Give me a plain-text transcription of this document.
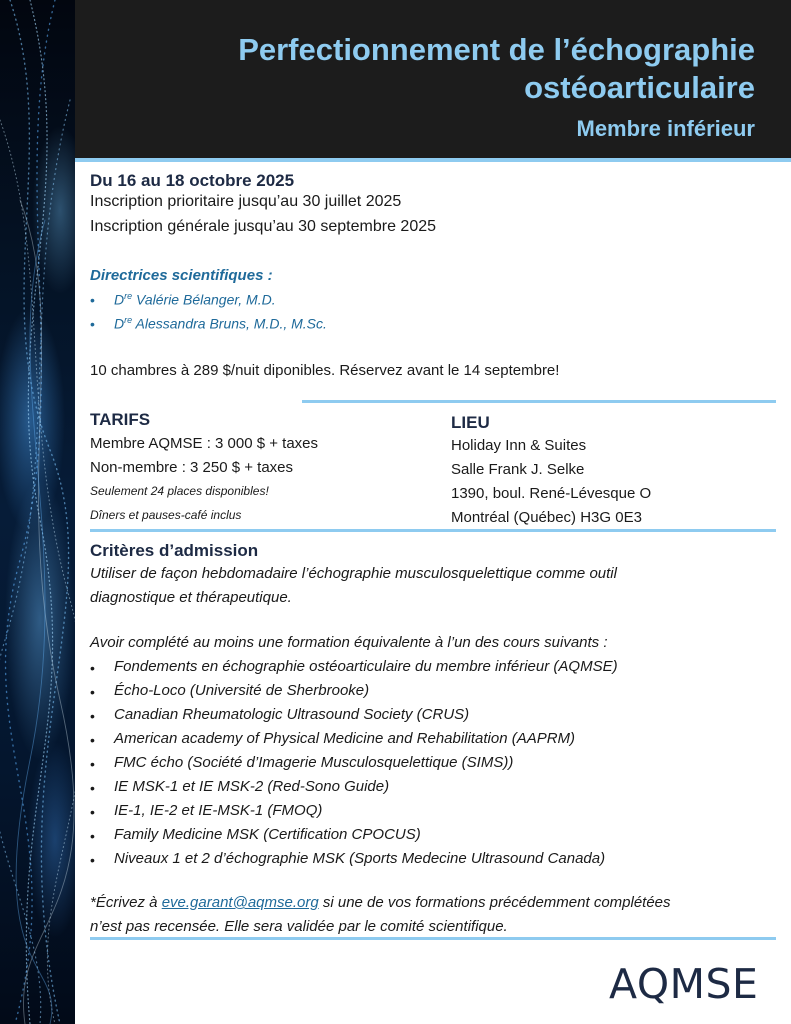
Perfectionnement de l’échographie
ostéoarticulaire
Membre inférieur
Du 16 au 18 octobre 2025
Inscription prioritaire jusqu’au 30 juillet 2025
Inscription générale jusqu’au 30 septembre 2025
Directrices scientifiques :
• Dre Valérie Bélanger, M.D.
• Dre Alessandra Bruns, M.D., M.Sc.
10 chambres à 289 $/nuit diponibles. Réservez avant le 14 septembre!
TARIFS
Membre AQMSE : 3 000 $ + taxes
Non-membre : 3 250 $ + taxes
Seulement 24 places disponibles!
Dîners et pauses-café inclus
LIEU
Holiday Inn & Suites
Salle Frank J. Selke
1390, boul. René-Lévesque O
Montréal (Québec) H3G 0E3
Critères d’admission
Utiliser de façon hebdomadaire l’échographie musculosquelettique comme outil
diagnostique et thérapeutique.
Avoir complété au moins une formation équivalente à l’un des cours suivants :
• Fondements en échographie ostéoarticulaire du membre inférieur (AQMSE)
• Écho-Loco (Université de Sherbrooke)
• Canadian Rheumatologic Ultrasound Society (CRUS)
• American academy of Physical Medicine and Rehabilitation (AAPRM)
• FMC écho (Société d’Imagerie Musculosquelettique (SIMS))
• IE MSK-1 et IE MSK-2 (Red-Sono Guide)
• IE-1, IE-2 et IE-MSK-1 (FMOQ)
• Family Medicine MSK (Certification CPOCUS)
• Niveaux 1 et 2 d’échographie MSK (Sports Medecine Ultrasound Canada)
*Écrivez à eve.garant@aqmse.org si une de vos formations précédemment complétées
n’est pas recensée. Elle sera validée par le comité scientifique.
AQMSE
